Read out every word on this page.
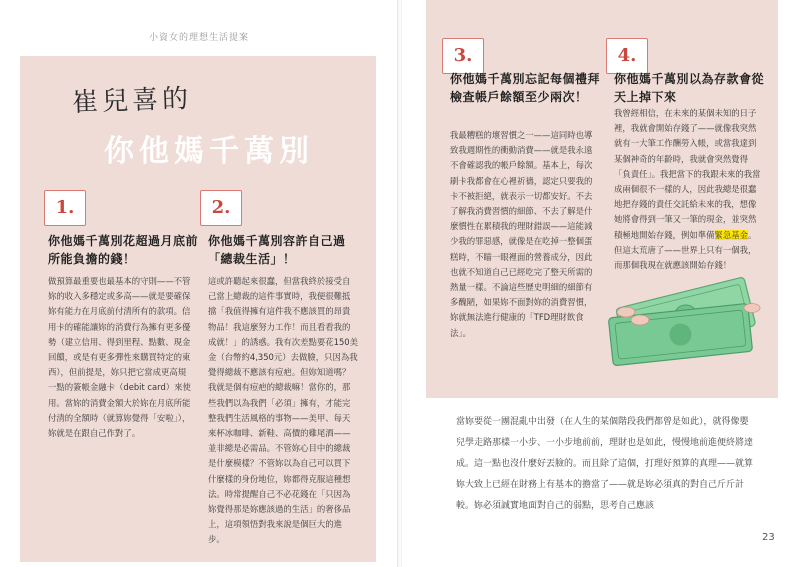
小資女的理想生活提案
崔兒喜的
你他媽千萬別
1.
你他媽千萬別花超過月底前所能負擔的錢！
做預算最重要也最基本的守則——不管妳的收入多穩定或多高——就是要確保妳有能力在月底前付清所有的款項。信用卡的確能讓妳的消費行為擁有更多優勢（建立信用、得到里程、點數、現金回饋，或是有更多彈性來購買特定的東西），但前提是，妳只把它當成更高規一點的簽帳金融卡（debit card）來使用。當妳的消費金額大於妳在月底所能付清的全額時（就算妳覺得「安啦」），妳就是在跟自己作對了。
2.
你他媽千萬別容許自己過「總裁生活」！
這或許聽起來很蠢，但當我終於接受自己當上總裁的這件事實時，我便很難抵擋「我值得擁有這件我不應該買的昂貴物品！我這麼努力工作！而且看看我的成就！」的誘惑。我有次差點要花150美金（台幣約4,350元）去做臉，只因為我覺得總裁不應該有痘疤。但妳知道嗎？我就是個有痘疤的總裁嘛！當你的，那些我們以為我們「必須」擁有，才能完整我們生活風格的事物——美甲、每天來杯冰咖啡、新鞋、高價的雞尾酒——並非總是必需品。不管妳心目中的總裁是什麼模樣？不管妳以為自己可以買下什麼樣的身份地位，妳都得克服這種想法。時常提醒自己不必花錢在「只因為妳覺得那是妳應該過的生活」的奢侈品上，這項領悟對我來說是個巨大的進步。
3.
你他媽千萬別忘記每個禮拜檢查帳戶餘額至少兩次！
我最糟糕的壞習慣之一——這同時也導致我週期性的衝動消費——就是我永遠不會確認我的帳戶餘額。基本上，每次刷卡我都會在心裡祈禱，認定只要我的卡不被拒絕，就表示一切都安好。不去了解我消費習慣的細節、不去了解是什麼慣性在累積我的理財錯誤——這能減少我的罪惡感，就像是在吃掉一整個蛋糕時，不瞄一眼裡面的營養成分，因此也就不知道自己已經吃完了整天所需的熱量一樣。不論這些歷史明細的細節有多醜陋，如果妳不面對妳的消費習慣，妳就無法進行健康的「TFD理財飲食法」。
4.
你他媽千萬別以為存款會從天上掉下來
我曾經相信，在未來的某個未知的日子裡，我就會開始存錢了——就像我突然就有一大筆工作酬勞入帳，或當我達到某個神奇的年齡時，我就會突然覺得「負責任」。我把當下的我跟未來的我當成兩個很不一樣的人，因此我總是很蠢地把存錢的責任交託給未來的我，想像她將會得到一筆又一筆的現金，並突然積極地開始存錢，例如準備緊急基金。但這太荒唐了——世界上只有一個我，而那個我現在就應該開始存錢！
當妳要從一團混亂中出發（在人生的某個階段我們都曾是如此），就得像嬰兒學走路那樣一小步、一小步地前前，理財也是如此，慢慢地前進便終將達成。這一點也沒什麼好丟臉的。而且除了這個，打理好預算的真理——就算妳大致上已經在財務上有基本的擔當了——就是妳必須真的對自己斤斤計較。妳必須誠實地面對自己的弱點，思考自己應該
23
